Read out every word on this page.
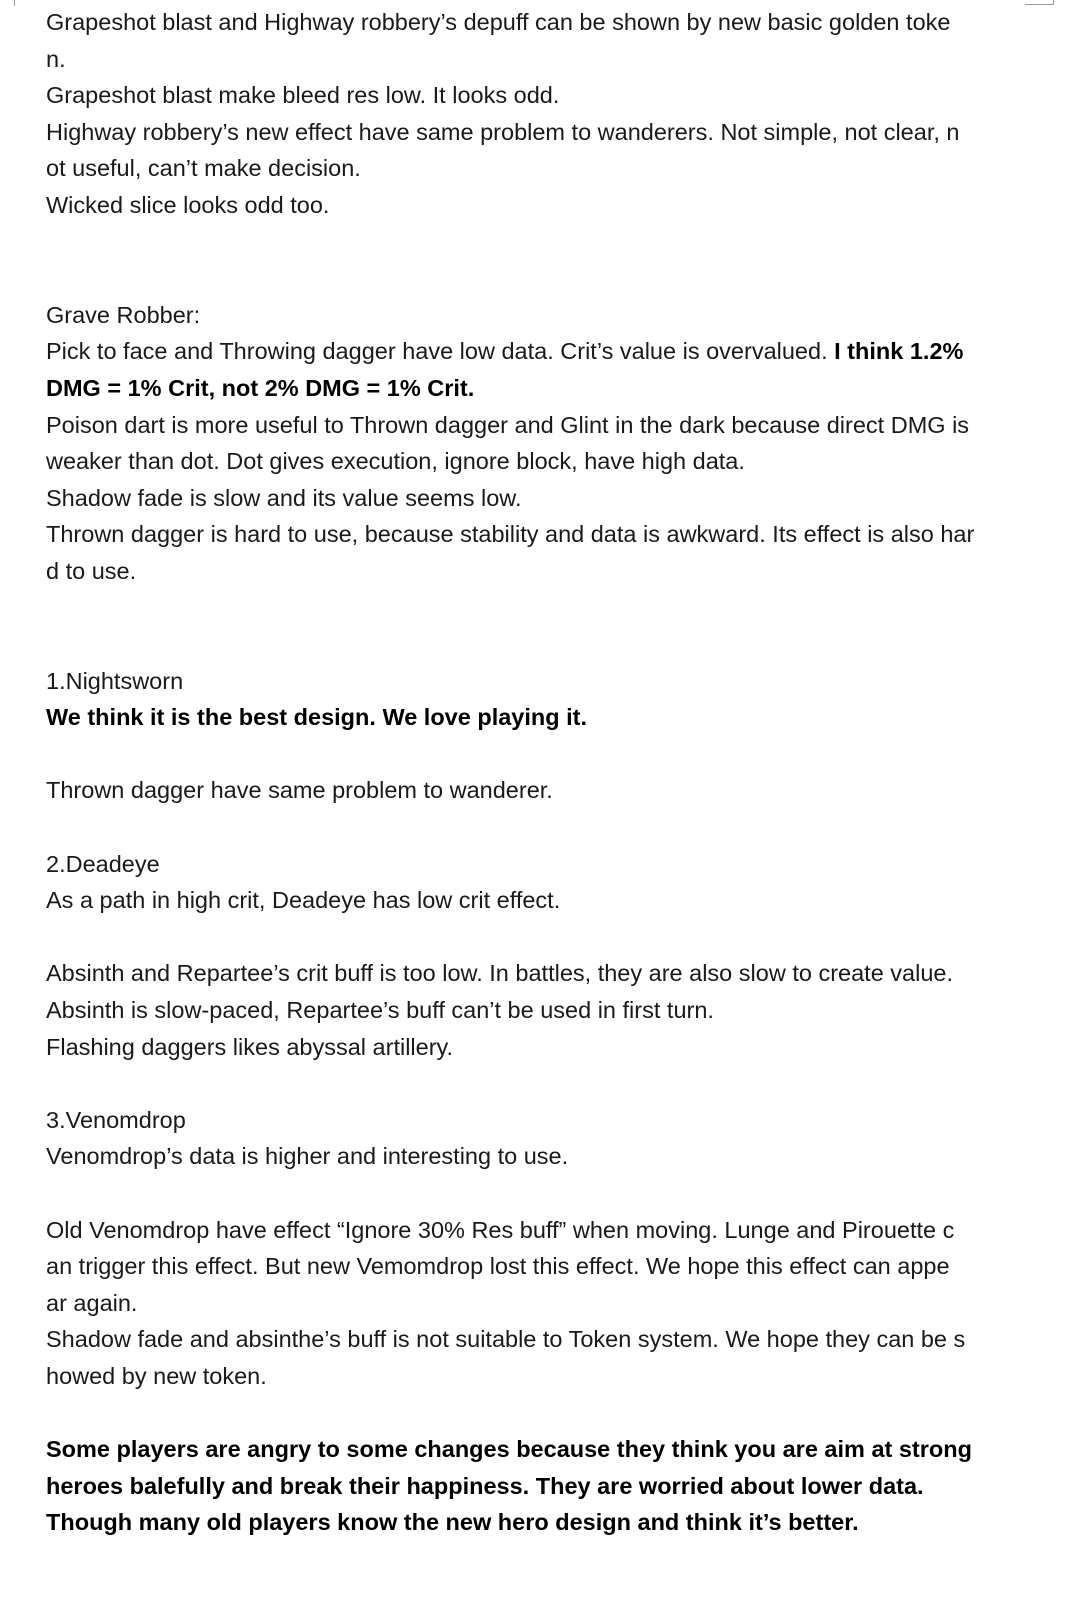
Grapeshot blast and Highway robbery’s depuff can be shown by new basic golden toke
n.
Grapeshot blast make bleed res low. It looks odd.
Highway robbery’s new effect have same problem to wanderers. Not simple, not clear, n
ot useful, can’t make decision.
Wicked slice looks odd too.
Grave Robber:
Pick to face and Throwing dagger have low data. Crit’s value is overvalued. I think 1.2%
DMG = 1% Crit, not 2% DMG = 1% Crit.
Poison dart is more useful to Thrown dagger and Glint in the dark because direct DMG is
weaker than dot. Dot gives execution, ignore block, have high data.
Shadow fade is slow and its value seems low.
Thrown dagger is hard to use, because stability and data is awkward. Its effect is also har
d to use.
1.Nightsworn
We think it is the best design. We love playing it.
Thrown dagger have same problem to wanderer.
2.Deadeye
As a path in high crit, Deadeye has low crit effect.
Absinth and Repartee’s crit buff is too low. In battles, they are also slow to create value.
Absinth is slow-paced, Repartee’s buff can’t be used in first turn.
Flashing daggers likes abyssal artillery.
3.Venomdrop
Venomdrop’s data is higher and interesting to use.
Old Venomdrop have effect “Ignore 30% Res buff” when moving. Lunge and Pirouette c
an trigger this effect. But new Vemomdrop lost this effect. We hope this effect can appe
ar again.
Shadow fade and absinthe’s buff is not suitable to Token system. We hope they can be s
howed by new token.
Some players are angry to some changes because they think you are aim at strong
heroes balefully and break their happiness. They are worried about lower data.
Though many old players know the new hero design and think it’s better.
